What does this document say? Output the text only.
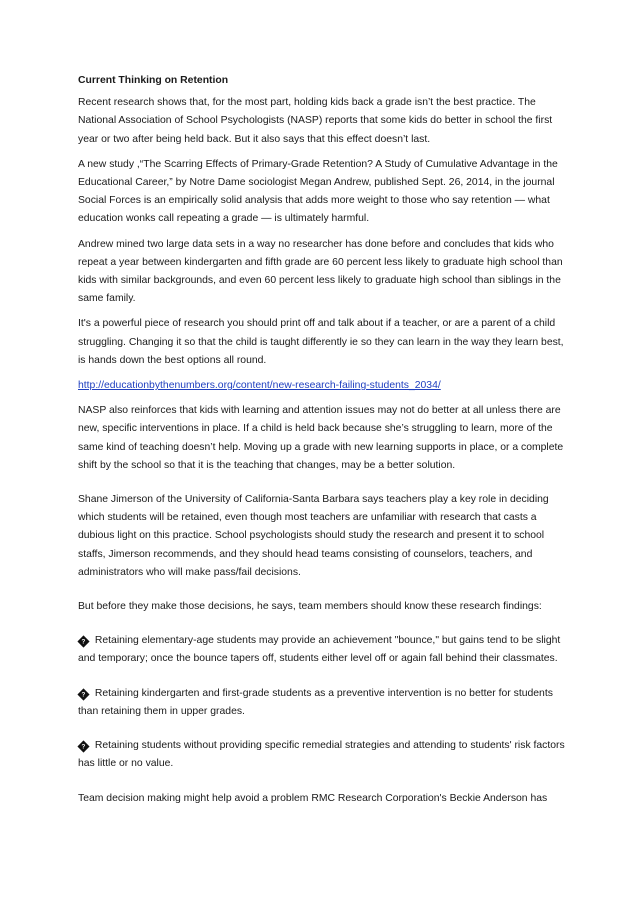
Current Thinking on Retention

Recent research shows that, for the most part, holding kids back a grade isn’t the best practice. The National Association of School Psychologists (NASP) reports that some kids do better in school the first year or two after being held back. But it also says that this effect doesn’t last.

A new study ,“The Scarring Effects of Primary-Grade Retention? A Study of Cumulative Advantage in the Educational Career,” by Notre Dame sociologist Megan Andrew, published Sept. 26, 2014, in the journal Social Forces is an empirically solid analysis that adds more weight to those who say retention — what education wonks call repeating a grade — is ultimately harmful.

Andrew mined two large data sets in a way no researcher has done before and concludes that kids who repeat a year between kindergarten and fifth grade are 60 percent less likely to graduate high school than kids with similar backgrounds, and even 60 percent less likely to graduate high school than siblings in the same family.

It's a powerful piece of research you should print off and talk about if a teacher, or are a parent of a child struggling. Changing it so that the child is taught differently ie so they can learn in the way they learn best, is hands down the best options all round.

http://educationbythenumbers.org/content/new-research-failing-students_2034/

NASP also reinforces that kids with learning and attention issues may not do better at all unless there are new, specific interventions in place. If a child is held back because she’s struggling to learn, more of the same kind of teaching doesn’t help. Moving up a grade with new learning supports in place, or a complete shift by the school so that it is the teaching that changes, may be a better solution.

Shane Jimerson of the University of California-Santa Barbara says teachers play a key role in deciding which students will be retained, even though most teachers are unfamiliar with research that casts a dubious light on this practice. School psychologists should study the research and present it to school staffs, Jimerson recommends, and they should head teams consisting of counselors, teachers, and administrators who will make pass/fail decisions.

But before they make those decisions, he says, team members should know these research findings:

? Retaining elementary-age students may provide an achievement "bounce," but gains tend to be slight and temporary; once the bounce tapers off, students either level off or again fall behind their classmates.

? Retaining kindergarten and first-grade students as a preventive intervention is no better for students than retaining them in upper grades.

? Retaining students without providing specific remedial strategies and attending to students' risk factors has little or no value.

Team decision making might help avoid a problem RMC Research Corporation's Beckie Anderson has
